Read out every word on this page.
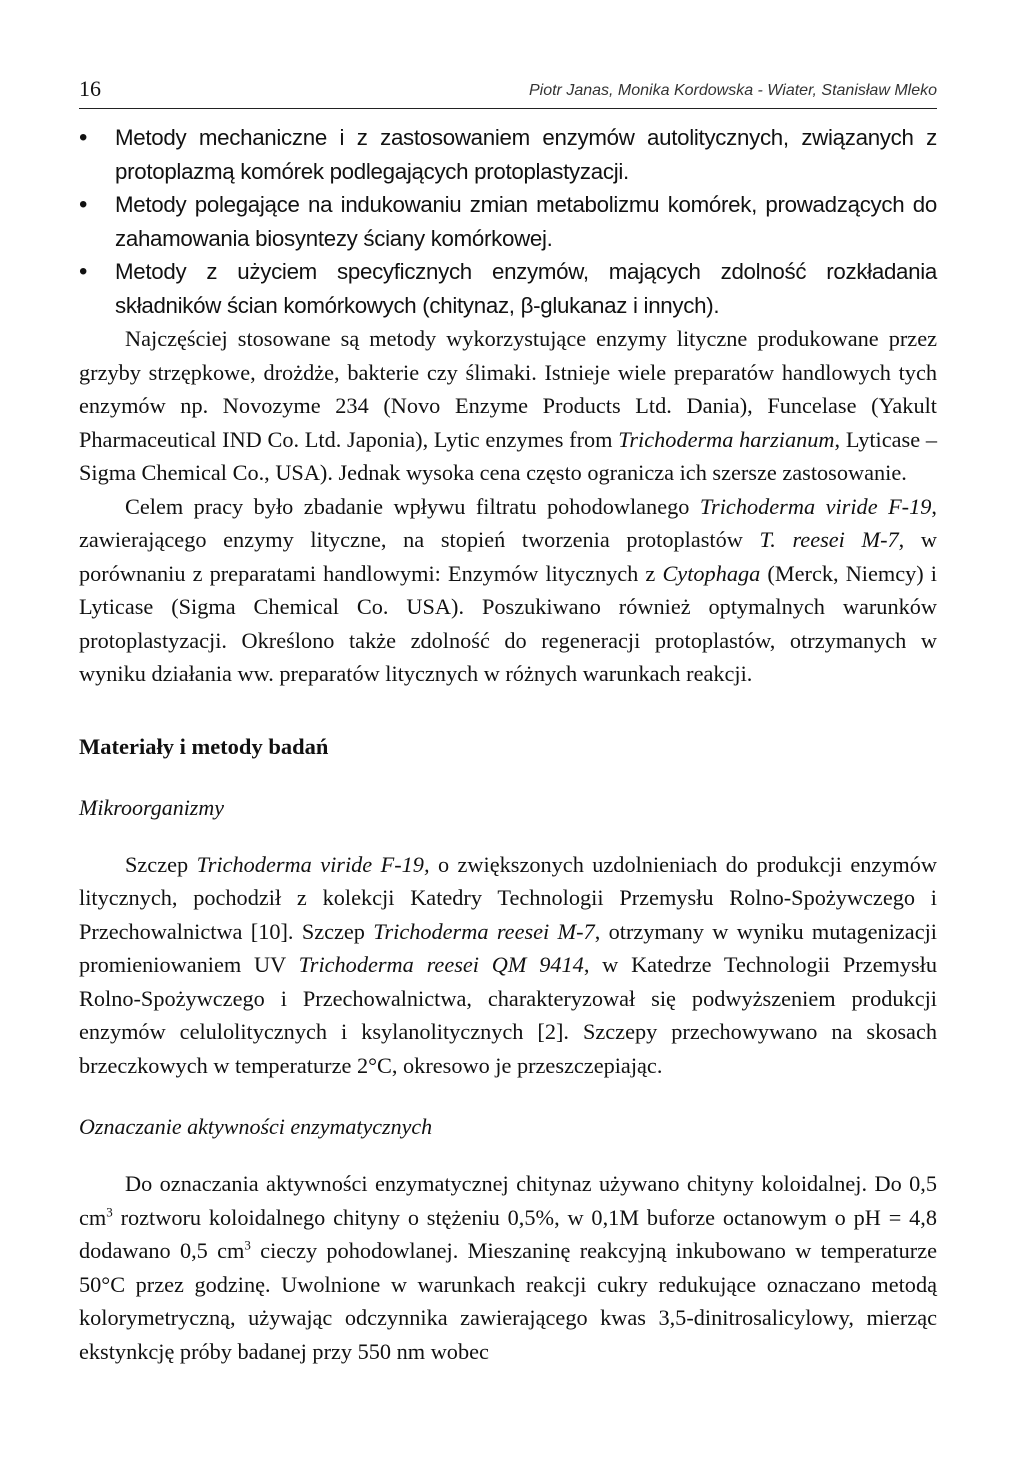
16	Piotr Janas, Monika Kordowska - Wiater, Stanisław Mleko
• Metody mechaniczne i z zastosowaniem enzymów autolitycznych, związanych z protoplazmą komórek podlegających protoplastyzacji.
• Metody polegające na indukowaniu zmian metabolizmu komórek, prowadzących do zahamowania biosyntezy ściany komórkowej.
• Metody z użyciem specyficznych enzymów, mających zdolność rozkładania składników ścian komórkowych (chitynaz, β-glukanaz i innych).

Najczęściej stosowane są metody wykorzystujące enzymy lityczne produkowane przez grzyby strzępkowe, drożdże, bakterie czy ślimaki. Istnieje wiele preparatów handlowych tych enzymów np. Novozyme 234 (Novo Enzyme Products Ltd. Dania), Funcelase (Yakult Pharmaceutical IND Co. Ltd. Japonia), Lytic enzymes from Trichoderma harzianum, Lyticase – Sigma Chemical Co., USA). Jednak wysoka cena często ogranicza ich szersze zastosowanie.

Celem pracy było zbadanie wpływu filtratu pohodowlanego Trichoderma viride F-19, zawierającego enzymy lityczne, na stopień tworzenia protoplastów T. reesei M-7, w porównaniu z preparatami handlowymi: Enzymów litycznych z Cytophaga (Merck, Niemcy) i Lyticase (Sigma Chemical Co. USA). Poszukiwano również optymalnych warunków protoplastyzacji. Określono także zdolność do regeneracji protoplastów, otrzymanych w wyniku działania ww. preparatów litycznych w różnych warunkach reakcji.

Materiały i metody badań
Mikroorganizmy

Szczep Trichoderma viride F-19, o zwiększonych uzdolnieniach do produkcji enzymów litycznych, pochodził z kolekcji Katedry Technologii Przemysłu Rolno-Spożywczego i Przechowalnictwa [10]. Szczep Trichoderma reesei M-7, otrzymany w wyniku mutagenizacji promieniowaniem UV Trichoderma reesei QM 9414, w Katedrze Technologii Przemysłu Rolno-Spożywczego i Przechowalnictwa, charakteryzował się podwyższeniem produkcji enzymów celulolitycznych i ksylanolitycznych [2]. Szczepy przechowywano na skosach brzeczkowych w temperaturze 2°C, okresowo je przeszczepiając.

Oznaczanie aktywności enzymatycznych

Do oznaczania aktywności enzymatycznej chitynaz używano chityny koloidalnej. Do 0,5 $cm^3$ roztworu koloidalnego chityny o stężeniu 0,5%, w 0,1M buforze octanowym o pH = 4,8 dodawano 0,5 $cm^3$ cieczy pohodowlanej. Mieszaninę reakcyjną inkubowano w temperaturze 50°C przez godzinę. Uwolnione w warunkach reakcji cukry redukujące oznaczano metodą kolorymetryczną, używając odczynnika zawierającego kwas 3,5-dinitrosalicylowy, mierząc ekstynkcję próby badanej przy 550 nm wobec
